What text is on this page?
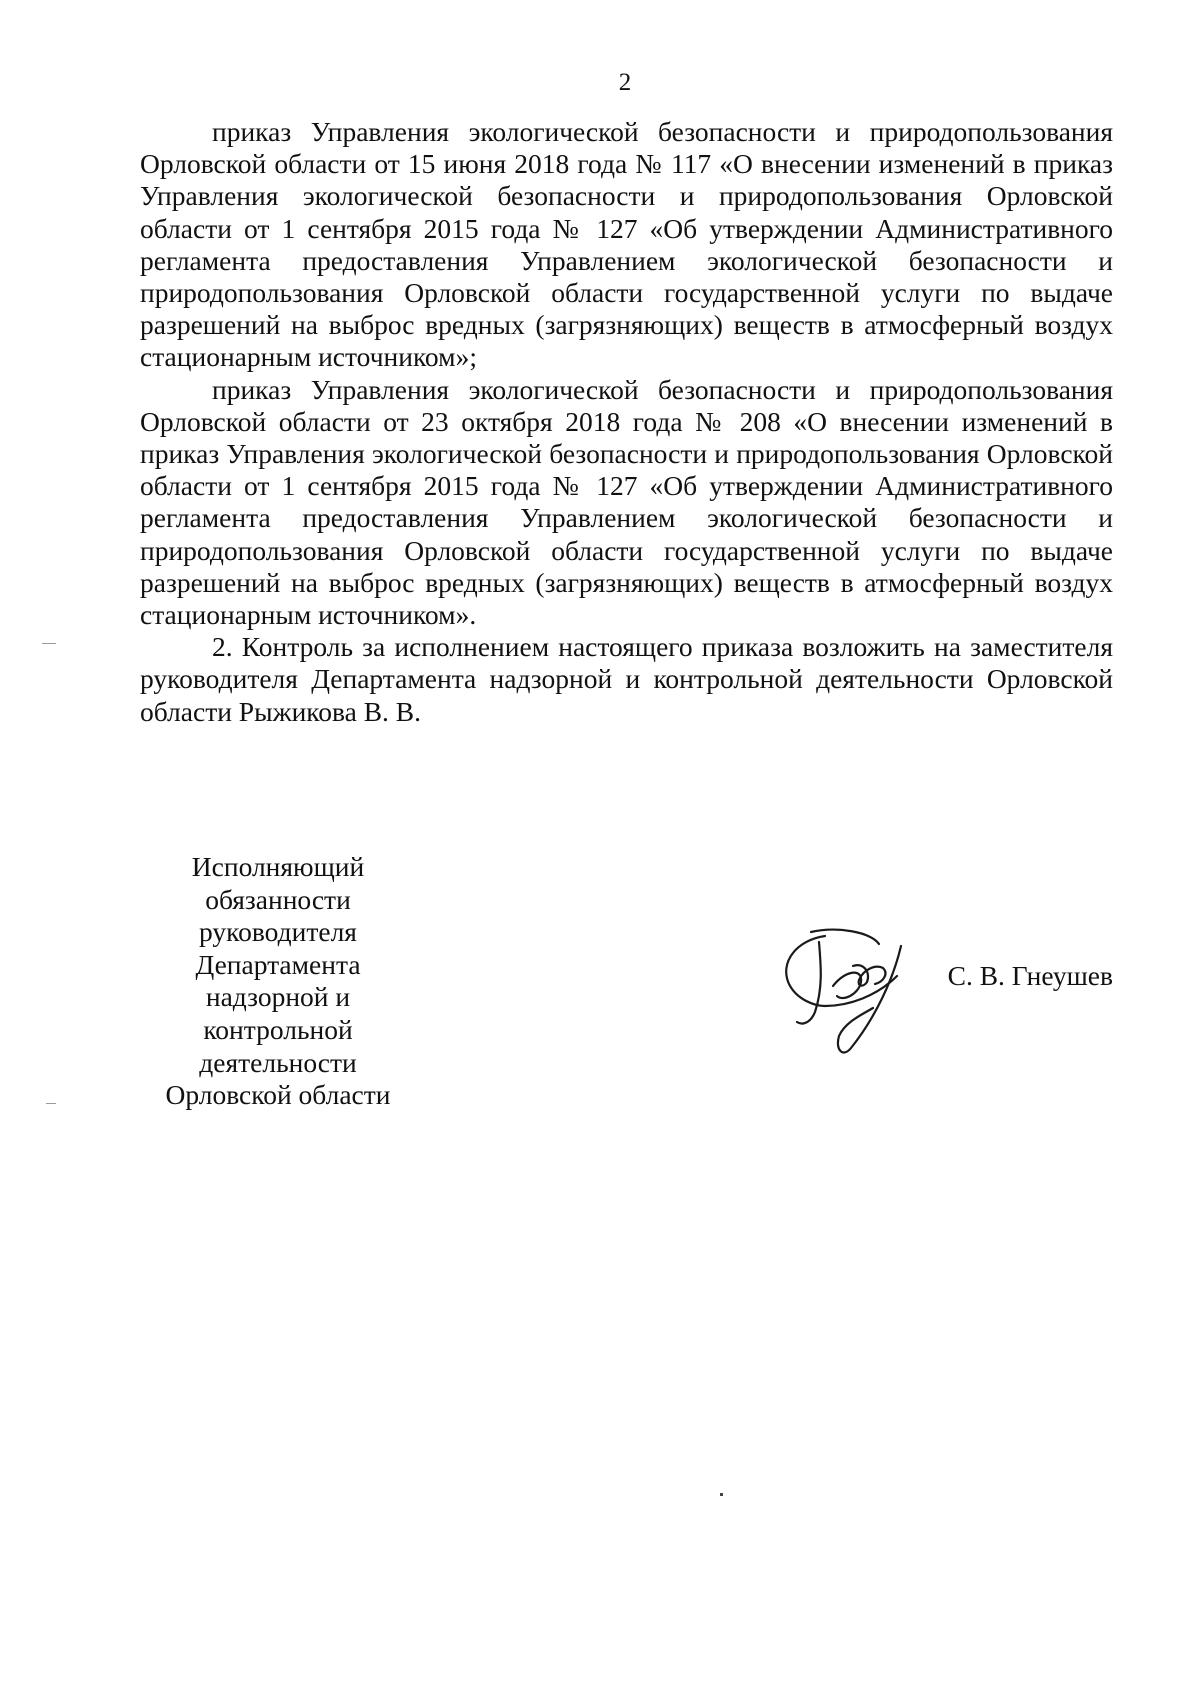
2

приказ Управления экологической безопасности и природопользования Орловской области от 15 июня 2018 года № 117 «О внесении изменений в приказ Управления экологической безопасности и природопользования Орловской области от 1 сентября 2015 года № 127 «Об утверждении Административного регламента предоставления Управлением экологической безопасности и природопользования Орловской области государственной услуги по выдаче разрешений на выброс вредных (загрязняющих) веществ в атмосферный воздух стационарным источником»;

приказ Управления экологической безопасности и природопользования Орловской области от 23 октября 2018 года № 208 «О внесении изменений в приказ Управления экологической безопасности и природопользования Орловской области от 1 сентября 2015 года № 127 «Об утверждении Административного регламента предоставления Управлением экологической безопасности и природопользования Орловской области государственной услуги по выдаче разрешений на выброс вредных (загрязняющих) веществ в атмосферный воздух стационарным источником».

2. Контроль за исполнением настоящего приказа возложить на заместителя руководителя Департамента надзорной и контрольной деятельности Орловской области Рыжикова В. В.

Исполняющий
обязанности
руководителя
Департамента
надзорной и
контрольной
деятельности
Орловской области
С. В. Гнеушев
